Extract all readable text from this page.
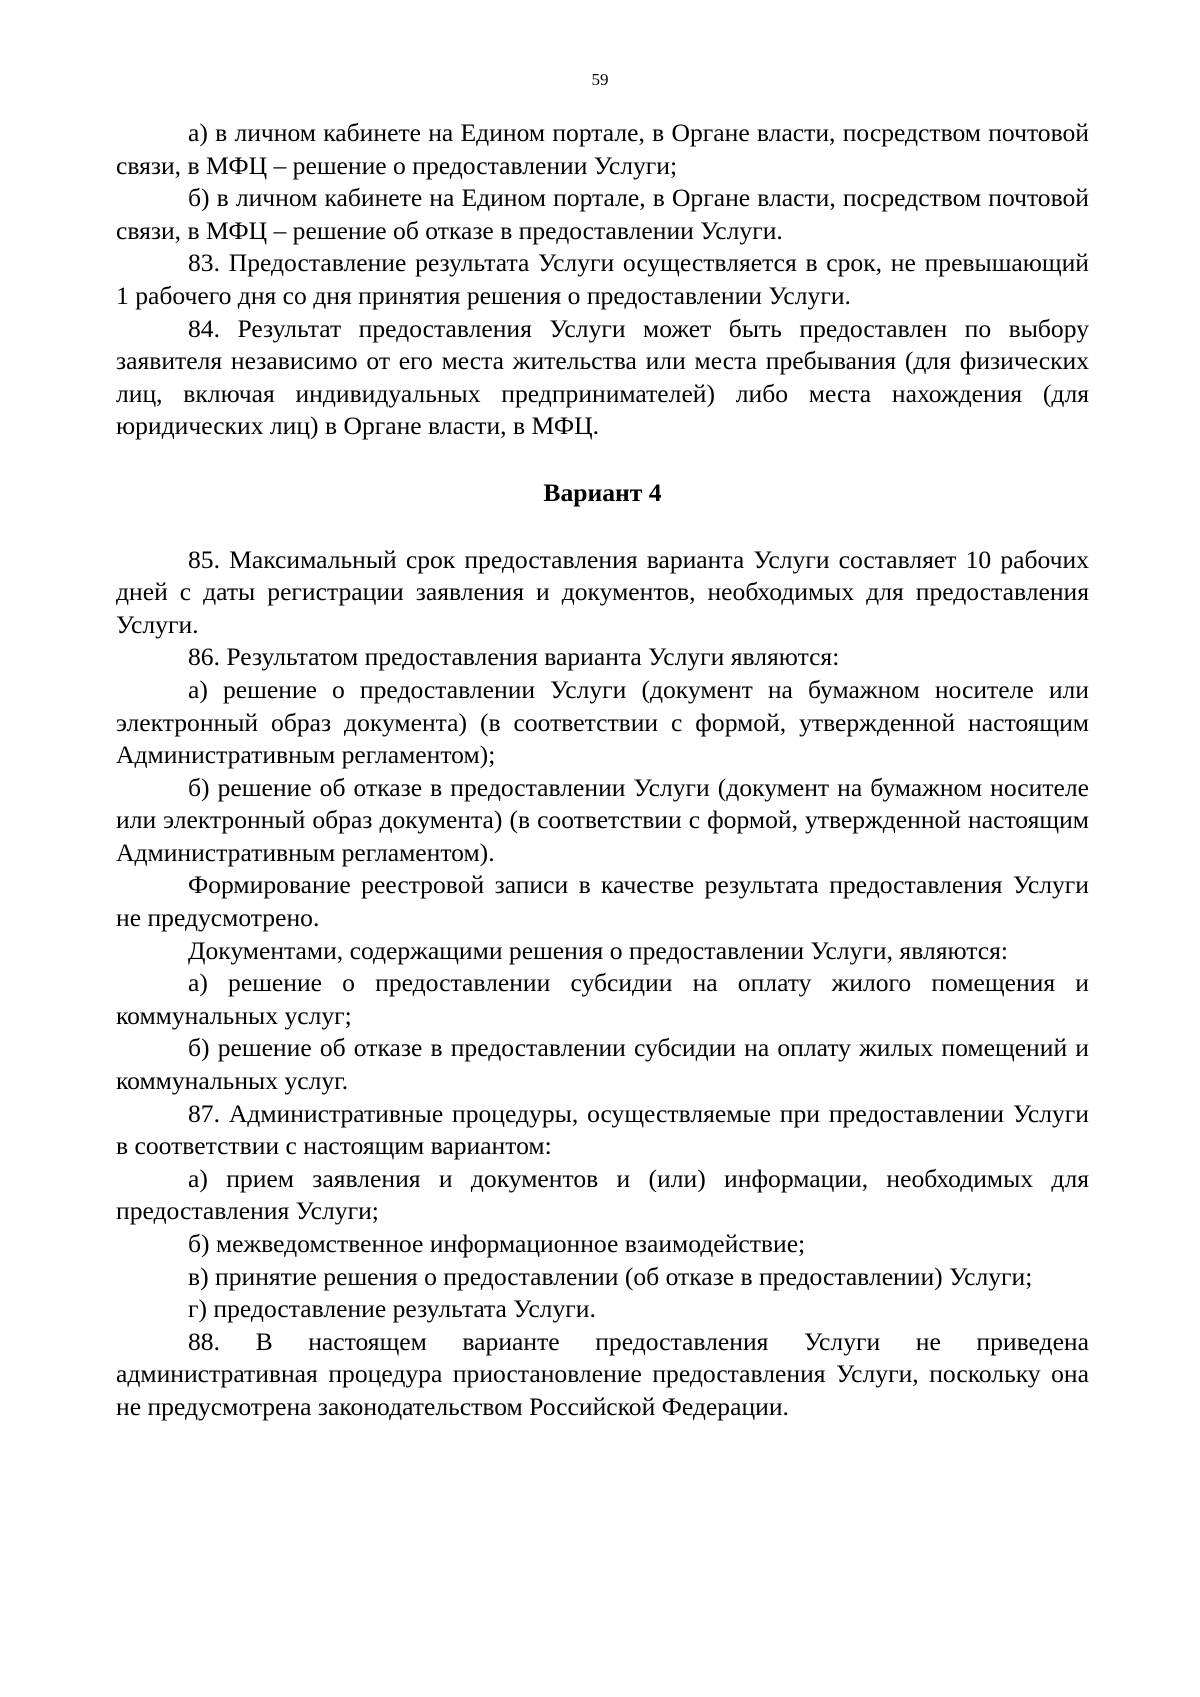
59

а) в личном кабинете на Едином портале, в Органе власти, посредством почтовой связи, в МФЦ – решение о предоставлении Услуги;

б) в личном кабинете на Едином портале, в Органе власти, посредством почтовой связи, в МФЦ – решение об отказе в предоставлении Услуги.

83. Предоставление результата Услуги осуществляется в срок, не превышающий 1 рабочего дня со дня принятия решения о предоставлении Услуги.

84. Результат предоставления Услуги может быть предоставлен по выбору заявителя независимо от его места жительства или места пребывания (для физических лиц, включая индивидуальных предпринимателей) либо места нахождения (для юридических лиц) в Органе власти, в МФЦ.

Вариант 4

85. Максимальный срок предоставления варианта Услуги составляет 10 рабочих дней с даты регистрации заявления и документов, необходимых для предоставления Услуги.

86. Результатом предоставления варианта Услуги являются:

а) решение о предоставлении Услуги (документ на бумажном носителе или электронный образ документа) (в соответствии с формой, утвержденной настоящим Административным регламентом);

б) решение об отказе в предоставлении Услуги (документ на бумажном носителе или электронный образ документа) (в соответствии с формой, утвержденной настоящим Административным регламентом).

Формирование реестровой записи в качестве результата предоставления Услуги не предусмотрено.

Документами, содержащими решения о предоставлении Услуги, являются:

а) решение о предоставлении субсидии на оплату жилого помещения и коммунальных услуг;

б) решение об отказе в предоставлении субсидии на оплату жилых помещений и коммунальных услуг.

87. Административные процедуры, осуществляемые при предоставлении Услуги в соответствии с настоящим вариантом:

а) прием заявления и документов и (или) информации, необходимых для предоставления Услуги;

б) межведомственное информационное взаимодействие;

в) принятие решения о предоставлении (об отказе в предоставлении) Услуги;

г) предоставление результата Услуги.

88. В настоящем варианте предоставления Услуги не приведена административная процедура приостановление предоставления Услуги, поскольку она не предусмотрена законодательством Российской Федерации.
